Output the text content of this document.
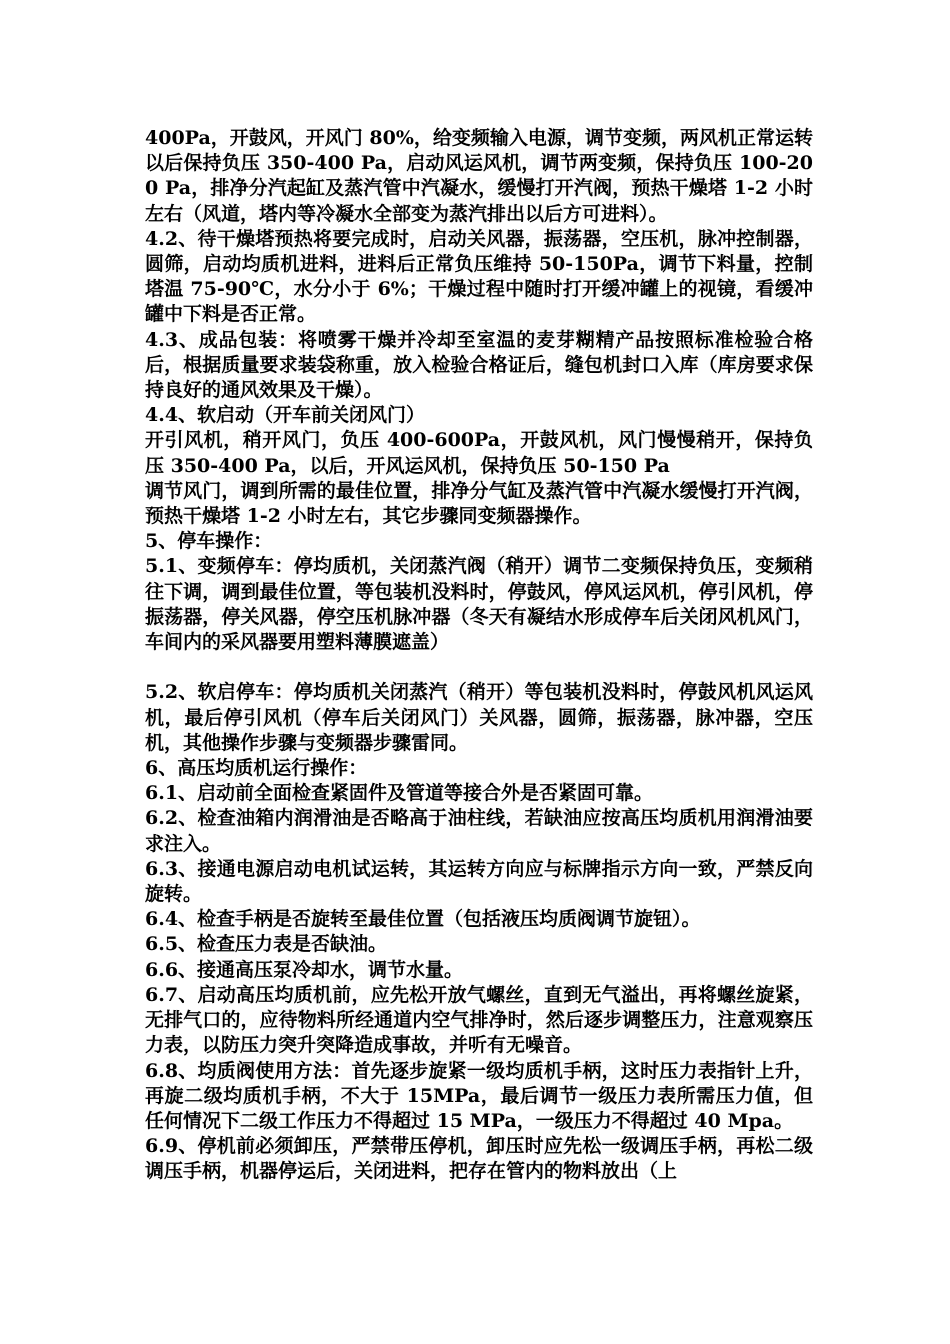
400Pa，开鼓风，开风门 80%，给变频输入电源，调节变频，两风机正常运转以后保持负压 350-400 Pa，启动风运风机，调节两变频，保持负压 100-200 Pa，排净分汽起缸及蒸汽管中汽凝水，缓慢打开汽阀，预热干燥塔 1-2 小时左右（风道，塔内等冷凝水全部变为蒸汽排出以后方可进料）。

4.2、待干燥塔预热将要完成时，启动关风器，振荡器，空压机，脉冲控制器，圆筛，启动均质机进料，进料后正常负压维持 50-150Pa，调节下料量，控制塔温 75-90℃，水分小于 6%；干燥过程中随时打开缓冲罐上的视镜，看缓冲罐中下料是否正常。

4.3、成品包装：将喷雾干燥并冷却至室温的麦芽糊精产品按照标准检验合格后，根据质量要求装袋称重，放入检验合格证后，缝包机封口入库（库房要求保持良好的通风效果及干燥）。

4.4、软启动（开车前关闭风门）

开引风机，稍开风门，负压 400-600Pa，开鼓风机，风门慢慢稍开，保持负压 350-400 Pa，以后，开风运风机，保持负压 50-150 Pa

调节风门，调到所需的最佳位置，排净分气缸及蒸汽管中汽凝水缓慢打开汽阀，预热干燥塔 1-2 小时左右，其它步骤同变频器操作。

5、停车操作：

5.1、变频停车：停均质机，关闭蒸汽阀（稍开）调节二变频保持负压，变频稍往下调，调到最佳位置，等包装机没料时，停鼓风，停风运风机，停引风机，停振荡器，停关风器，停空压机脉冲器（冬天有凝结水形成停车后关闭风机风门，车间内的采风器要用塑料薄膜遮盖）

5.2、软启停车：停均质机关闭蒸汽（稍开）等包装机没料时，停鼓风机风运风机，最后停引风机（停车后关闭风门）关风器，圆筛，振荡器，脉冲器，空压机，其他操作步骤与变频器步骤雷同。

6、高压均质机运行操作：

6.1、启动前全面检查紧固件及管道等接合外是否紧固可靠。

6.2、检查油箱内润滑油是否略高于油柱线，若缺油应按高压均质机用润滑油要求注入。

6.3、接通电源启动电机试运转，其运转方向应与标牌指示方向一致，严禁反向旋转。

6.4、检查手柄是否旋转至最佳位置（包括液压均质阀调节旋钮）。

6.5、检查压力表是否缺油。

6.6、接通高压泵冷却水，调节水量。

6.7、启动高压均质机前，应先松开放气螺丝，直到无气溢出，再将螺丝旋紧，无排气口的，应待物料所经通道内空气排净时，然后逐步调整压力，注意观察压力表，以防压力突升突降造成事故，并听有无噪音。

6.8、均质阀使用方法：首先逐步旋紧一级均质机手柄，这时压力表指针上升，再旋二级均质机手柄，不大于 15MPa，最后调节一级压力表所需压力值，但任何情况下二级工作压力不得超过 15 MPa，一级压力不得超过 40 Mpa。

6.9、停机前必须卸压，严禁带压停机，卸压时应先松一级调压手柄，再松二级调压手柄，机器停运后，关闭进料，把存在管内的物料放出（上
